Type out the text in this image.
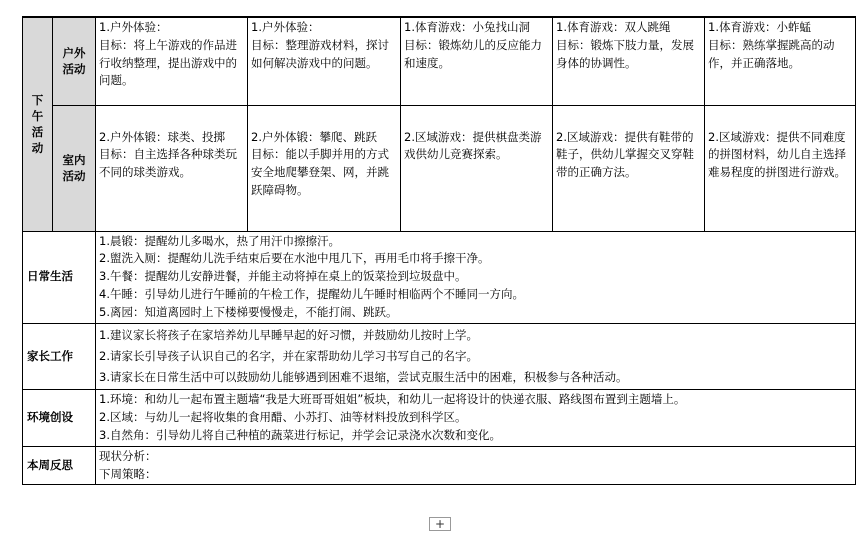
下
午
活
动	户外
活动	1.户外体验：
目标：将上午游戏的作品进行收纳整理，提出游戏中的问题。	1.户外体验：
目标：整理游戏材料，探讨如何解决游戏中的问题。	1.体育游戏：小兔找山洞
目标：锻炼幼儿的反应能力和速度。	1.体育游戏：双人跳绳
目标：锻炼下肢力量，发展身体的协调性。	1.体育游戏：小蚱蜢
目标：熟练掌握跳高的动作，并正确落地。

	室内
活动	2.户外体锻：球类、投掷
目标：自主选择各种球类玩不同的球类游戏。	2.户外体锻：攀爬、跳跃
目标：能以手脚并用的方式安全地爬攀登架、网，并跳跃障碍物。	2.区域游戏：提供棋盘类游戏供幼儿竞赛探索。	2.区域游戏：提供有鞋带的鞋子，供幼儿掌握交叉穿鞋带的正确方法。	2.区域游戏：提供不同难度的拼图材料，幼儿自主选择难易程度的拼图进行游戏。

日常生活		1.晨锻：提醒幼儿多喝水，热了用汗巾擦擦汗。
2.盥洗入厕：提醒幼儿洗手结束后要在水池中甩几下，再用毛巾将手擦干净。
3.午餐：提醒幼儿安静进餐，并能主动将掉在桌上的饭菜捡到垃圾盘中。
4.午睡：引导幼儿进行午睡前的午检工作，提醒幼儿午睡时相临两个不睡同一方向。
5.离园：知道离园时上下楼梯要慢慢走，不能打闹、跳跃。				

家长工作		1.建议家长将孩子在家培养幼儿早睡早起的好习惯，并鼓励幼儿按时上学。
2.请家长引导孩子认识自己的名字，并在家帮助幼儿学习书写自己的名字。
3.请家长在日常生活中可以鼓励幼儿能够遇到困难不退缩，尝试克服生活中的困难，积极参与各种活动。				

环境创设		1.环境：和幼儿一起布置主题墙“我是大班哥哥姐姐”板块，和幼儿一起将设计的快递衣服、路线图布置到主题墙上。
2.区域：与幼儿一起将收集的食用醋、小苏打、油等材料投放到科学区。
3.自然角：引导幼儿将自己种植的蔬菜进行标记，并学会记录浇水次数和变化。				

本周反思		现状分析：
下周策略：				
+
